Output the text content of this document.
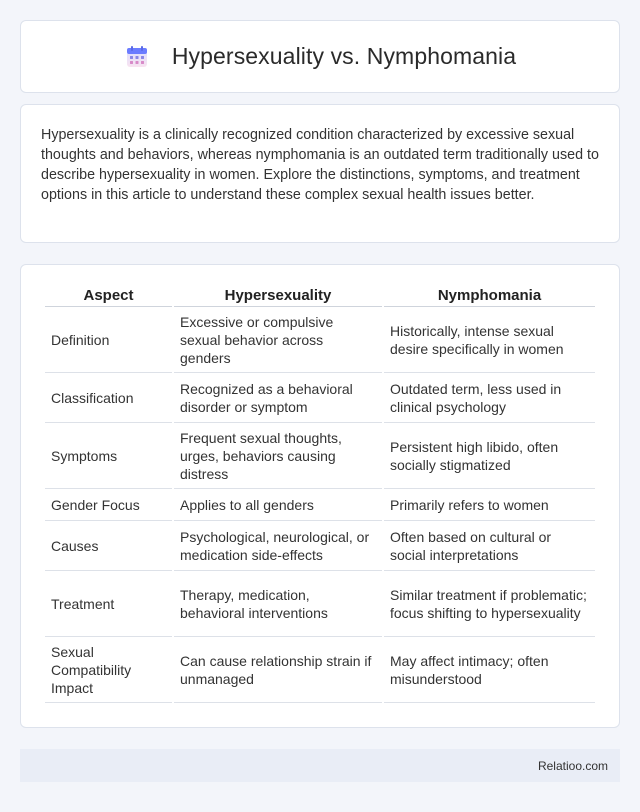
Hypersexuality vs. Nymphomania

Hypersexuality is a clinically recognized condition characterized by excessive sexual thoughts and behaviors, whereas nymphomania is an outdated term traditionally used to describe hypersexuality in women. Explore the distinctions, symptoms, and treatment options in this article to understand these complex sexual health issues better.

Aspect	Hypersexuality	Nymphomania
Definition	Excessive or compulsive sexual behavior across genders	Historically, intense sexual desire specifically in women
Classification	Recognized as a behavioral disorder or symptom	Outdated term, less used in clinical psychology
Symptoms	Frequent sexual thoughts, urges, behaviors causing distress	Persistent high libido, often socially stigmatized
Gender Focus	Applies to all genders	Primarily refers to women
Causes	Psychological, neurological, or medication side-effects	Often based on cultural or social interpretations
Treatment	Therapy, medication, behavioral interventions	Similar treatment if problematic; focus shifting to hypersexuality
Sexual Compatibility Impact	Can cause relationship strain if unmanaged	May affect intimacy; often misunderstood
Relatioo.com
